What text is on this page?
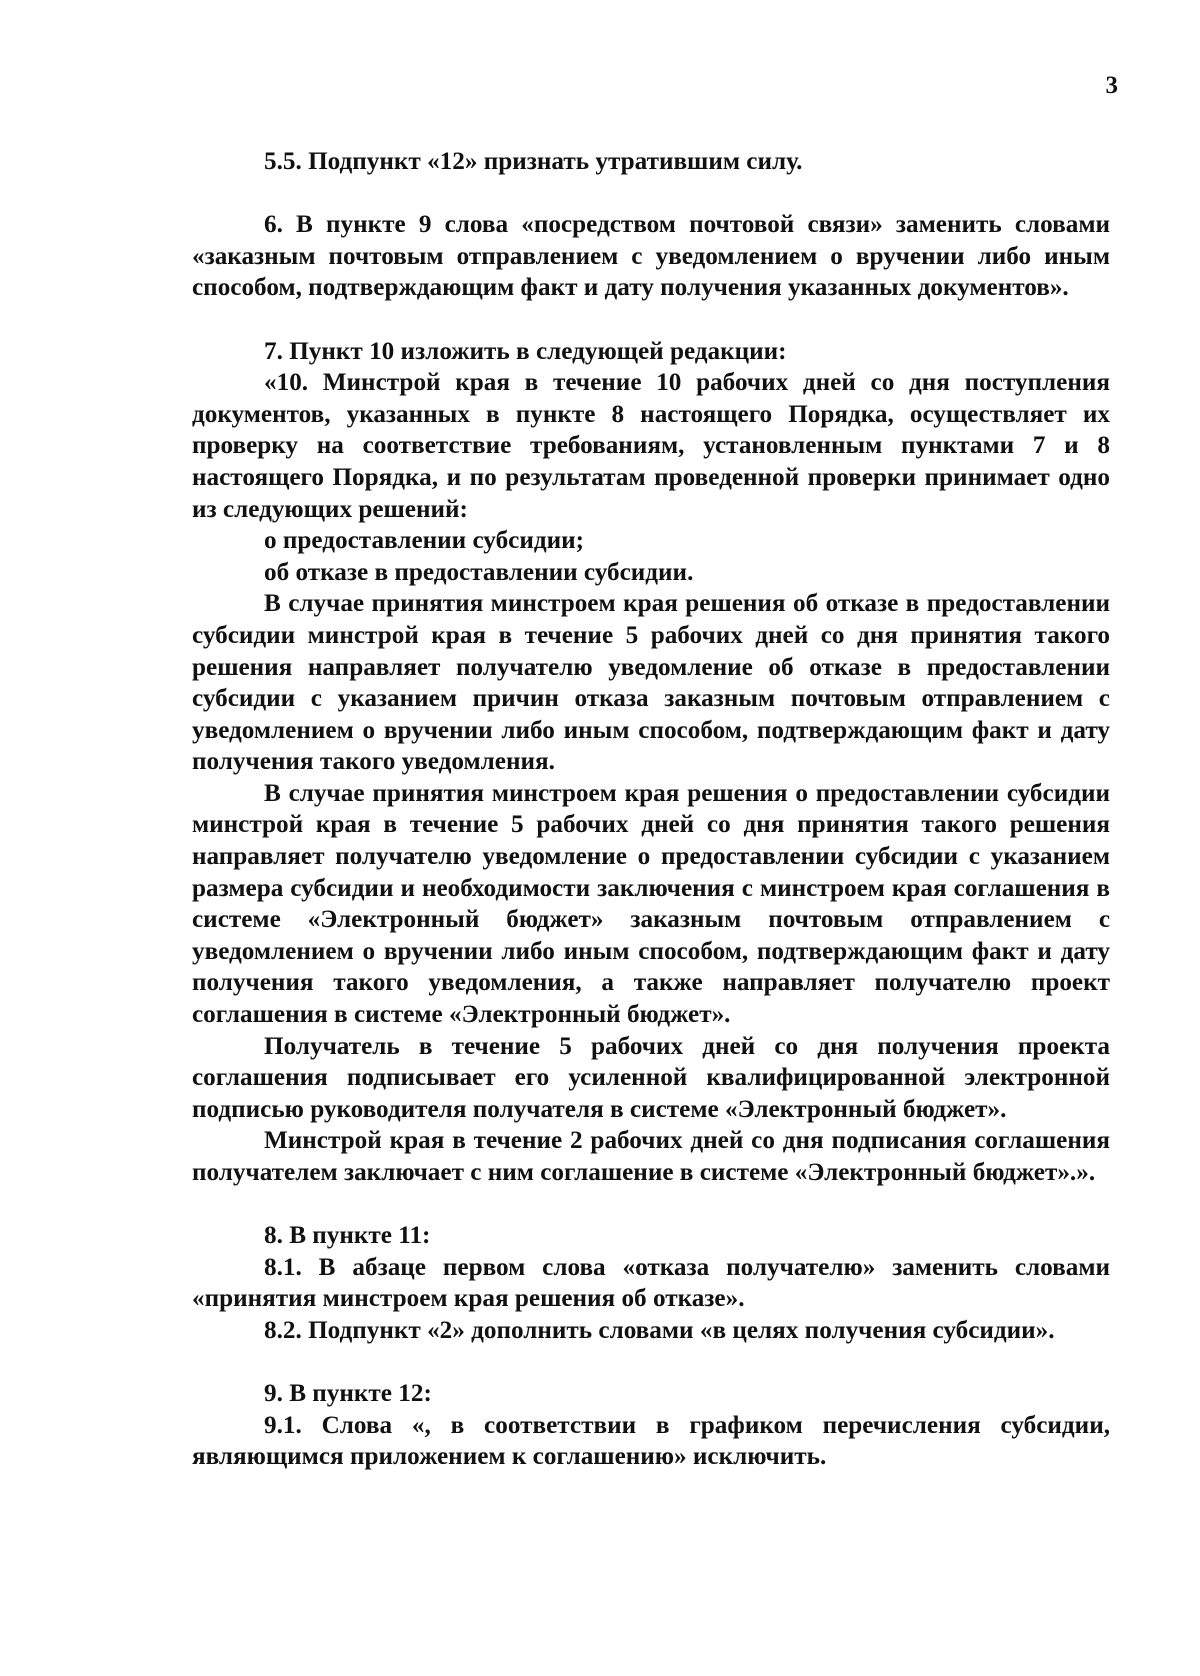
3

5.5. Подпункт «12» признать утратившим силу.

6. В пункте 9 слова «посредством почтовой связи» заменить словами «заказным почтовым отправлением с уведомлением о вручении либо иным способом, подтверждающим факт и дату получения указанных документов».

7. Пункт 10 изложить в следующей редакции:

«10. Минстрой края в течение 10 рабочих дней со дня поступления документов, указанных в пункте 8 настоящего Порядка, осуществляет их проверку на соответствие требованиям, установленным пунктами 7 и 8 настоящего Порядка, и по результатам проведенной проверки принимает одно из следующих решений:

о предоставлении субсидии;

об отказе в предоставлении субсидии.

В случае принятия минстроем края решения об отказе в предоставлении субсидии минстрой края в течение 5 рабочих дней со дня принятия такого решения направляет получателю уведомление об отказе в предоставлении субсидии с указанием причин отказа заказным почтовым отправлением с уведомлением о вручении либо иным способом, подтверждающим факт и дату получения такого уведомления.

В случае принятия минстроем края решения о предоставлении субсидии минстрой края в течение 5 рабочих дней со дня принятия такого решения направляет получателю уведомление о предоставлении субсидии с указанием размера субсидии и необходимости заключения с минстроем края соглашения в системе «Электронный бюджет» заказным почтовым отправлением с уведомлением о вручении либо иным способом, подтверждающим факт и дату получения такого уведомления, а также направляет получателю проект соглашения в системе «Электронный бюджет».

Получатель в течение 5 рабочих дней со дня получения проекта соглашения подписывает его усиленной квалифицированной электронной подписью руководителя получателя в системе «Электронный бюджет».

Минстрой края в течение 2 рабочих дней со дня подписания соглашения получателем заключает с ним соглашение в системе «Электронный бюджет».».

8. В пункте 11:

8.1. В абзаце первом слова «отказа получателю» заменить словами «принятия минстроем края решения об отказе».

8.2. Подпункт «2» дополнить словами «в целях получения субсидии».

9. В пункте 12:

9.1. Слова «, в соответствии в графиком перечисления субсидии, являющимся приложением к соглашению» исключить.
